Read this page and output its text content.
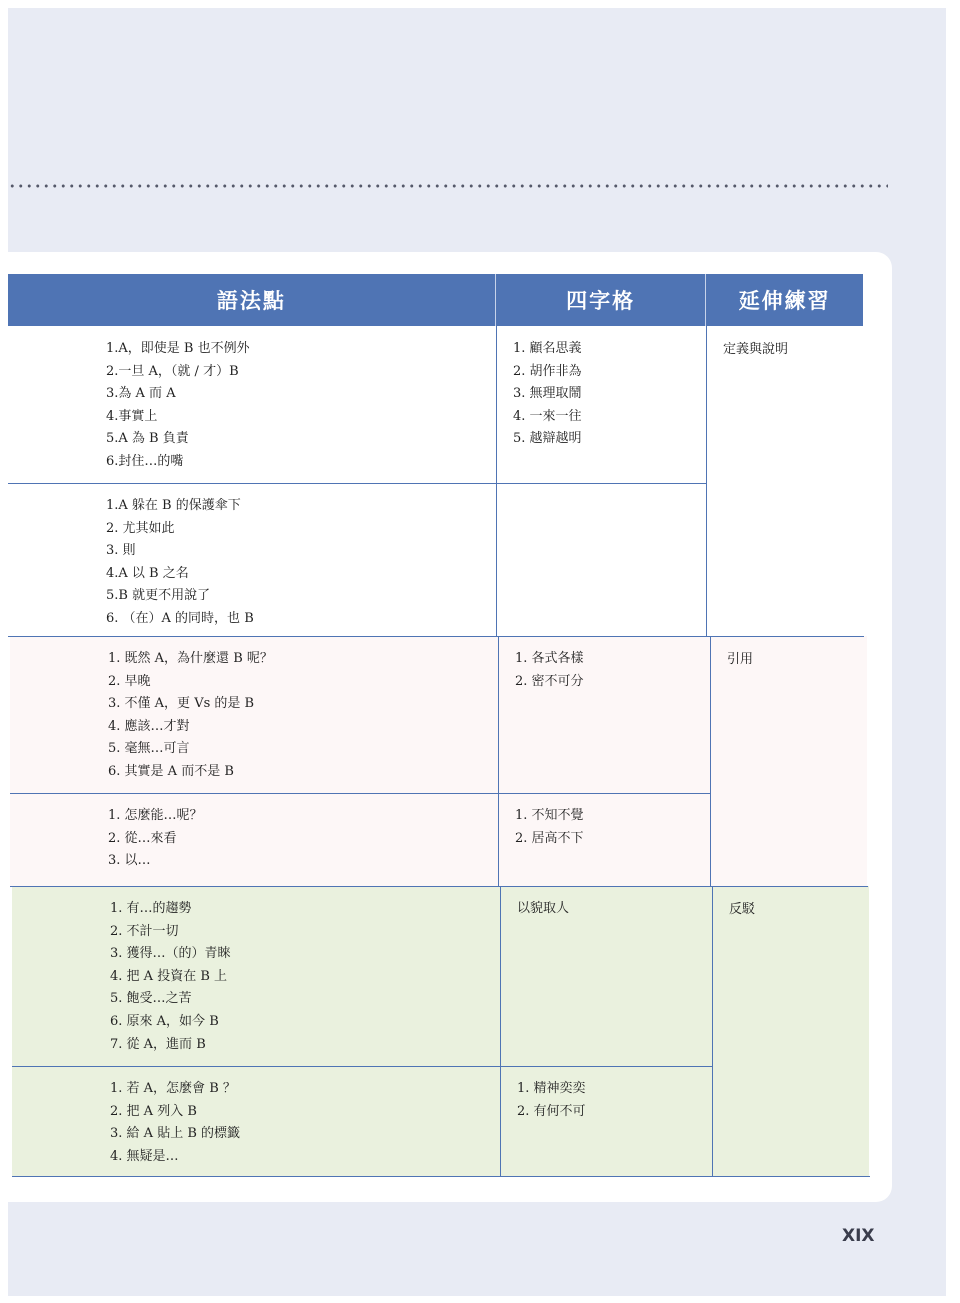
語法點	四字格	延伸練習
1.A，即使是 B 也不例外
2.一旦 A，（就 / 才）B
3.為 A 而 A
4.事實上
5.A 為 B 負責
6.封住…的嘴
1. 顧名思義
2. 胡作非為
3. 無理取鬧
4. 一來一往
5. 越辯越明
1.A 躲在 B 的保護傘下
2. 尤其如此
3. 則
4.A 以 B 之名
5.B 就更不用說了
6. （在）A 的同時，也 B
1. 既然 A，為什麼還 B 呢？
2. 早晚
3. 不僅 A，更 Vs 的是 B
4. 應該…才對
5. 毫無…可言
6. 其實是 A 而不是 B
1. 各式各樣
2. 密不可分
1. 怎麼能…呢？
2. 從…來看
3. 以…
1. 不知不覺
2. 居高不下
1. 有…的趨勢
2. 不計一切
3. 獲得…（的）青睞
4. 把 A 投資在 B 上
5. 飽受…之苦
6. 原來 A，如今 B
7. 從 A，進而 B
以貌取人
1. 若 A，怎麼會 B ？
2. 把 A 列入 B
3. 給 A 貼上 B 的標籤
4. 無疑是…
1. 精神奕奕
2. 有何不可
定義與說明
引用
反駁
XIX
